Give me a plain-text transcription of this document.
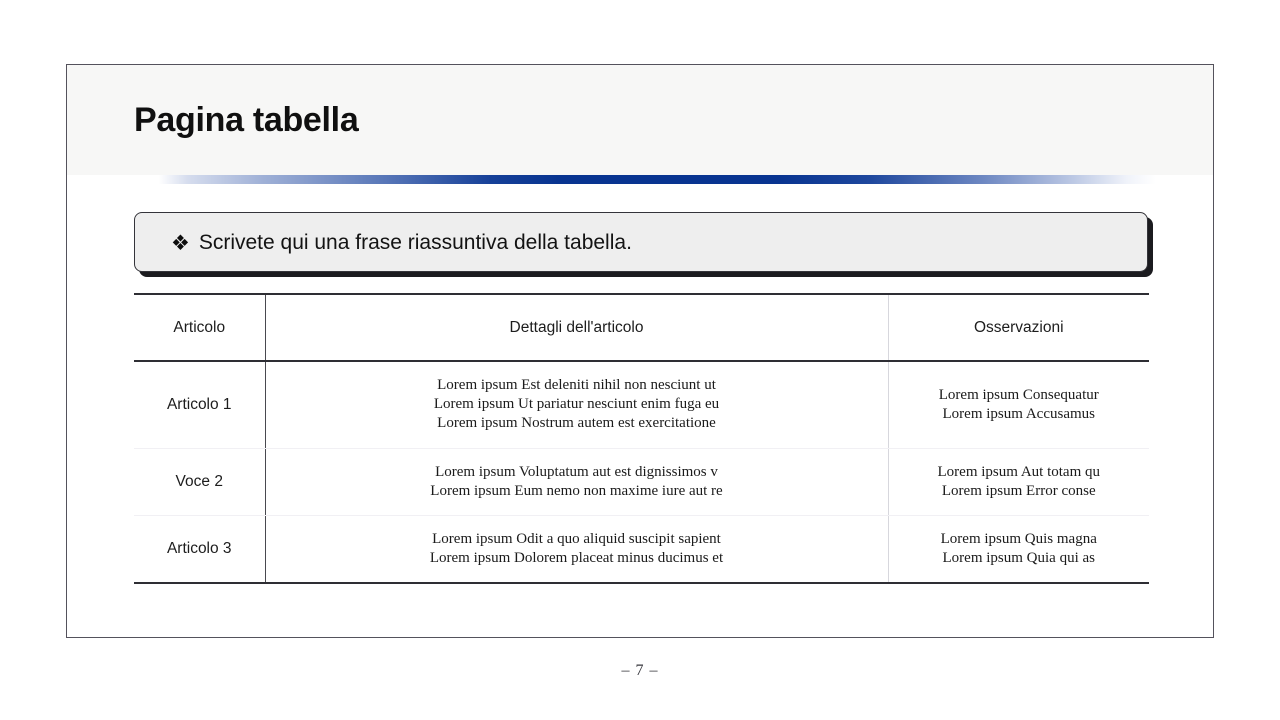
Pagina tabella
❖ Scrivete qui una frase riassuntiva della tabella.
Articolo	Dettagli dell'articolo	Osservazioni
Articolo 1	Lorem ipsum Est deleniti nihil non nesciunt ut
Lorem ipsum Ut pariatur nesciunt enim fuga eu
Lorem ipsum Nostrum autem est exercitatione	Lorem ipsum Consequatur
Lorem ipsum Accusamus

Voce 2	Lorem ipsum Voluptatum aut est dignissimos v
Lorem ipsum Eum nemo non maxime iure aut re	Lorem ipsum Aut totam qu
Lorem ipsum Error conse

Articolo 3	Lorem ipsum Odit a quo aliquid suscipit sapient
Lorem ipsum Dolorem placeat minus ducimus et	Lorem ipsum Quis magna
Lorem ipsum Quia qui as
– 7 –
